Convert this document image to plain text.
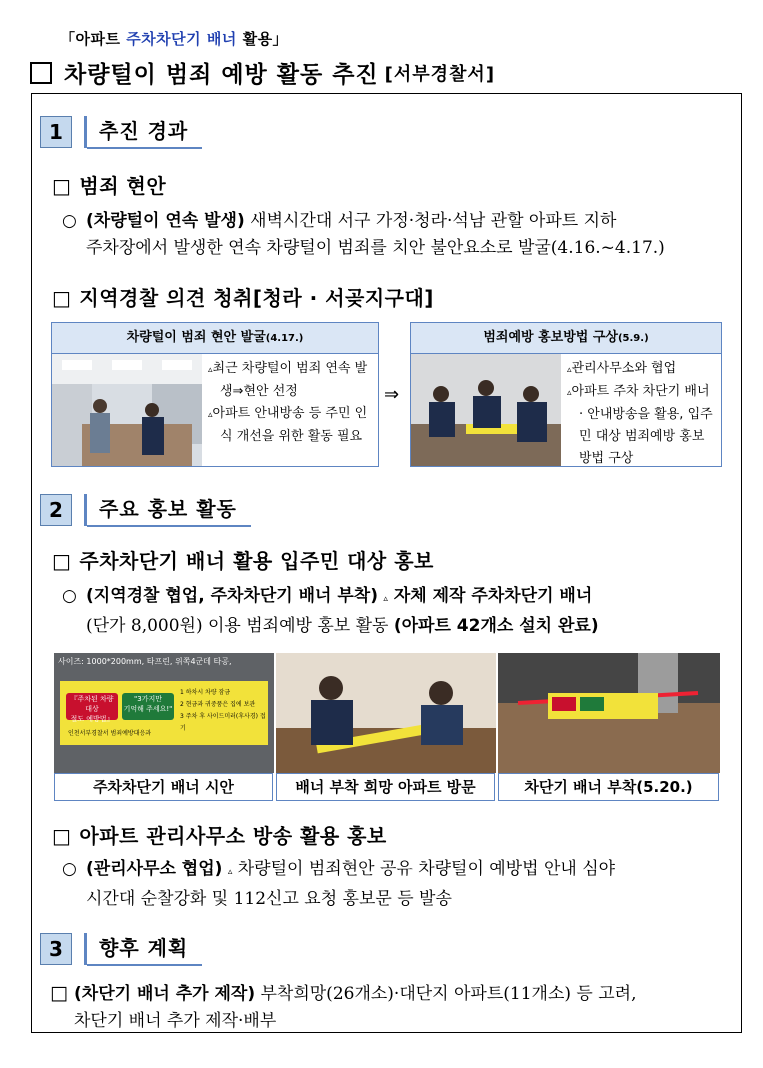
「아파트 주차차단기 배너 활용」
차량털이 범죄 예방 활동 추진 [서부경찰서]
1	추진 경과
□ 범죄 현안
○ (차량털이 연속 발생) 새벽시간대 서구 가정·청라·석남 관할 아파트 지하
주차장에서 발생한 연속 차량털이 범죄를 치안 불안요소로 발굴(4.16.~4.17.)
□ 지역경찰 의견 청취[청라 · 서곶지구대]
차량털이 범죄 현안 발굴(4.17.)
▵최근 차량털이 범죄 연속 발생⇒현안 선정
▵아파트 안내방송 등 주민 인식 개선을 위한 활동 필요
⇒
범죄예방 홍보방법 구상(5.9.)
▵관리사무소와 협업
▵아파트 주차 차단기 배너 · 안내방송을 활용, 입주민 대상 범죄예방 홍보방법 구상
2	주요 홍보 활동
□ 주차차단기 배너 활용 입주민 대상 홍보
○ (지역경찰 협업, 주차차단기 배너 부착) ▵ 자체 제작 주차차단기 배너
(단가 8,000원) 이용 범죄예방 홍보 활동 (아파트 42개소 설치 완료)
사이즈: 1000*200mm, 타프린, 위쪽4군데 타공,
『주차된 차량 대상
절도 예방법』
"3가지만
기억해 주세요!"
1 하차시 차량 잠금
2 현금과 귀중품은 집에 보관
3 주차 후 사이드미러(후사경) 접기
인천서부경찰서 범죄예방대응과
주차차단기 배너 시안	배너 부착 희망 아파트 방문	차단기 배너 부착(5.20.)
□ 아파트 관리사무소 방송 활용 홍보
○ (관리사무소 협업) ▵ 차량털이 범죄현안 공유 차량털이 예방법 안내 심야
시간대 순찰강화 및 112신고 요청 홍보문 등 발송
3	향후 계획
□ (차단기 배너 추가 제작) 부착희망(26개소)·대단지 아파트(11개소) 등 고려,
차단기 배너 추가 제작·배부
